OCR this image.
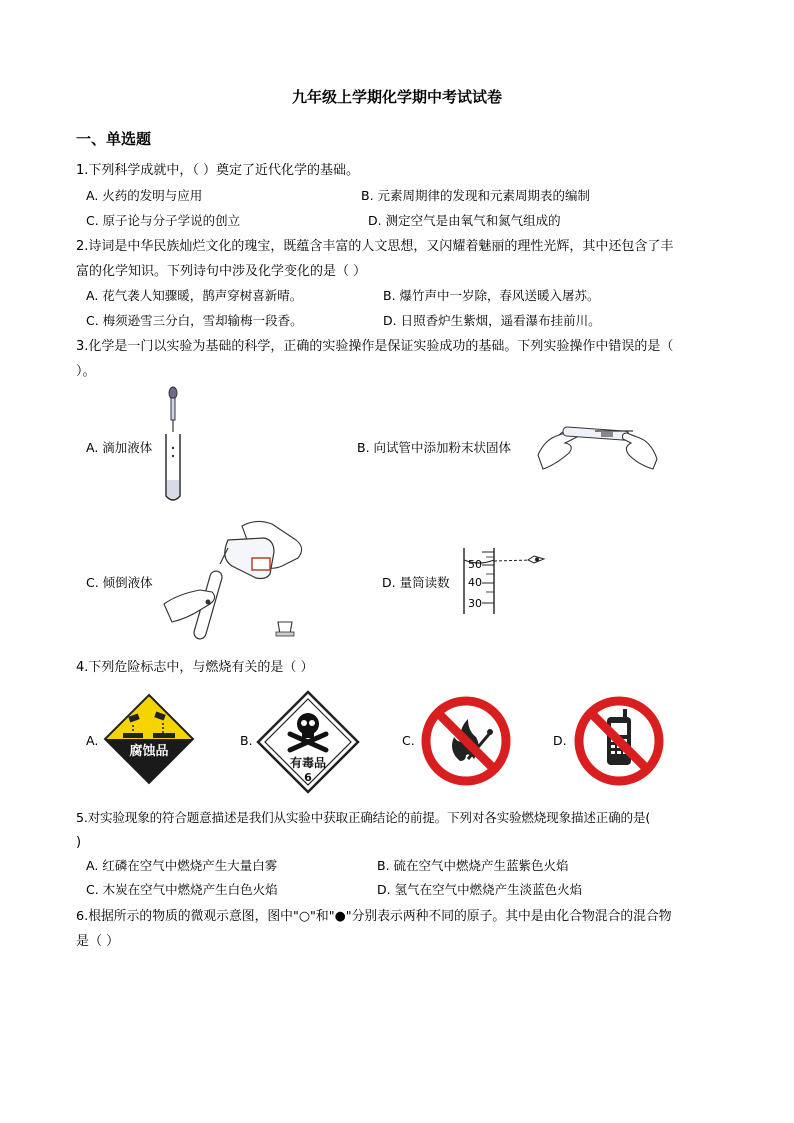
九年级上学期化学期中考试试卷
一、单选题
1.下列科学成就中，（ ）奠定了近代化学的基础。
A. 火药的发明与应用	B. 元素周期律的发现和元素周期表的编制
C. 原子论与分子学说的创立	D. 测定空气是由氧气和氮气组成的
2.诗词是中华民族灿烂文化的瑰宝，既蕴含丰富的人文思想，又闪耀着魅丽的理性光辉，其中还包含了丰
富的化学知识。下列诗句中涉及化学变化的是（ ）
A. 花气袭人知骤暖，鹊声穿树喜新晴。	B. 爆竹声中一岁除，春风送暖入屠苏。
C. 梅须逊雪三分白，雪却输梅一段香。	D. 日照香炉生紫烟，遥看瀑布挂前川。
3.化学是一门以实验为基础的科学，正确的实验操作是保证实验成功的基础。下列实验操作中错误的是（
）。
A. 滴加液体	B. 向试管中添加粉末状固体
C. 倾倒液体	D. 量筒读数
50
40
30
4.下列危险标志中，与燃烧有关的是（ ）
A.
腐蚀品
B.
有毒品
6
C.	D.
5.对实验现象的符合题意描述是我们从实验中获取正确结论的前提。下列对各实验燃烧现象描述正确的是(
)
A. 红磷在空气中燃烧产生大量白雾	B. 硫在空气中燃烧产生蓝紫色火焰
C. 木炭在空气中燃烧产生白色火焰	D. 氢气在空气中燃烧产生淡蓝色火焰
6.根据所示的物质的微观示意图，图中"○"和"●"分别表示两种不同的原子。其中是由化合物混合的混合物
是（ ）
